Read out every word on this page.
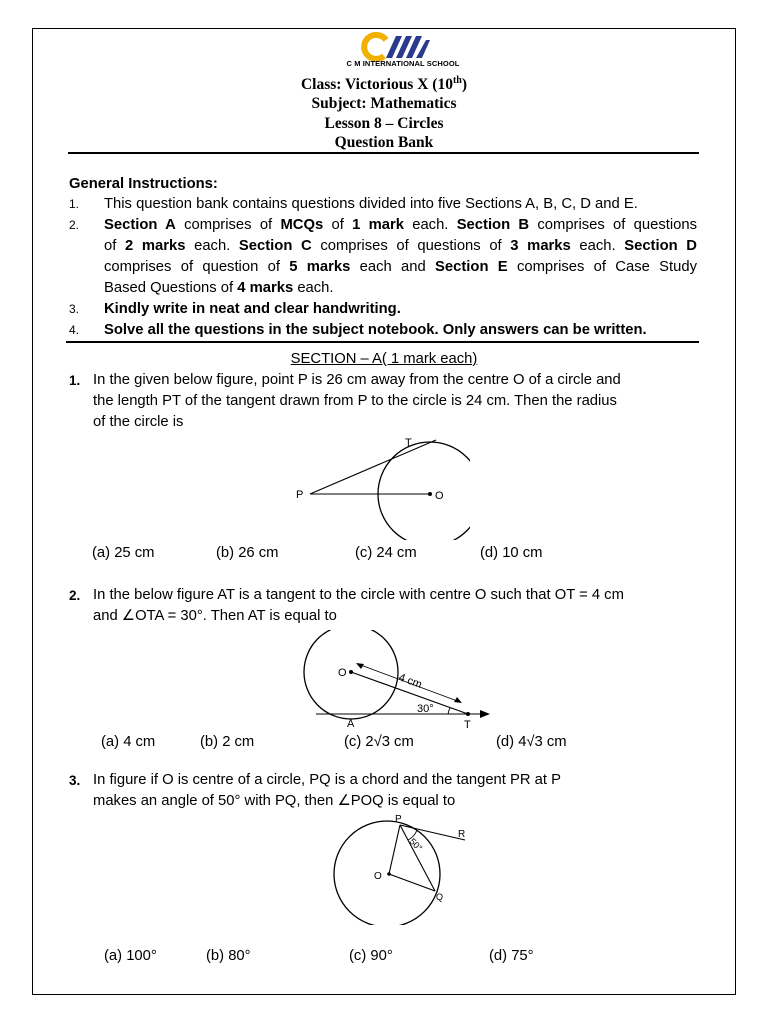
C M INTERNATIONAL SCHOOL
Class: Victorious X (10th)
Subject: Mathematics
Lesson 8 – Circles
Question Bank
General Instructions:
1. This question bank contains questions divided into five Sections A, B, C, D and E.
2. Section A comprises of MCQs of 1 mark each. Section B comprises of questions
of 2 marks each. Section C comprises of questions of 3 marks each. Section D
comprises of question of 5 marks each and Section E comprises of Case Study
Based Questions of 4 marks each.
3. Kindly write in neat and clear handwriting.
4. Solve all the questions in the subject notebook. Only answers can be written.
SECTION – A( 1 mark each)
1. In the given below figure, point P is 26 cm away from the centre O of a circle and
the length PT of the tangent drawn from P to the circle is 24 cm. Then the radius
of the circle is
T
P	O
(a) 25 cm	(b) 26 cm	(c) 24 cm	(d) 10 cm
2. In the below figure AT is a tangent to the circle with centre O such that OT = 4 cm
and ∠OTA = 30°. Then AT is equal to
O
A	T
4 cm
30°
(a) 4 cm	(b) 2 cm	(c) 2√3 cm	(d) 4√3 cm
3. In figure if O is centre of a circle, PQ is a chord and the tangent PR at P
makes an angle of 50° with PQ, then ∠POQ is equal to
P
R
O
Q
50°
(a) 100°	(b) 80°	(c) 90°	(d) 75°
